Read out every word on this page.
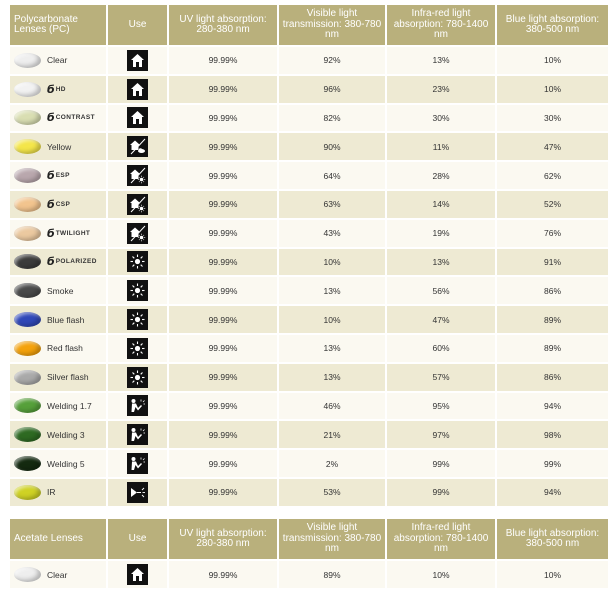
Polycarbonate Lenses (PC)	Use	UV light absorption: 280-380 nm	Visible light transmission: 380-780 nm	Infra-red light absorption: 780-1400 nm	Blue light absorption: 380-500 nm

Clear		99.99%	92%	13%	10%

б HD		99.99%	96%	23%	10%

б CONTRAST		99.99%	82%	30%	30%

Yellow		99.99%	90%	11%	47%

б ESP		99.99%	64%	28%	62%

б CSP		99.99%	63%	14%	52%

б TWILIGHT		99.99%	43%	19%	76%

б POLARIZED		99.99%	10%	13%	91%

Smoke		99.99%	13%	56%	86%

Blue flash		99.99%	10%	47%	89%

Red flash		99.99%	13%	60%	89%

Silver flash		99.99%	13%	57%	86%

Welding 1.7		99.99%	46%	95%	94%

Welding 3		99.99%	21%	97%	98%

Welding 5		99.99%	2%	99%	99%

IR		99.99%	53%	99%	94%
Acetate Lenses	Use	UV light absorption: 280-380 nm	Visible light transmission: 380-780 nm	Infra-red light absorption: 780-1400 nm	Blue light absorption: 380-500 nm

Clear		99.99%	89%	10%	10%
